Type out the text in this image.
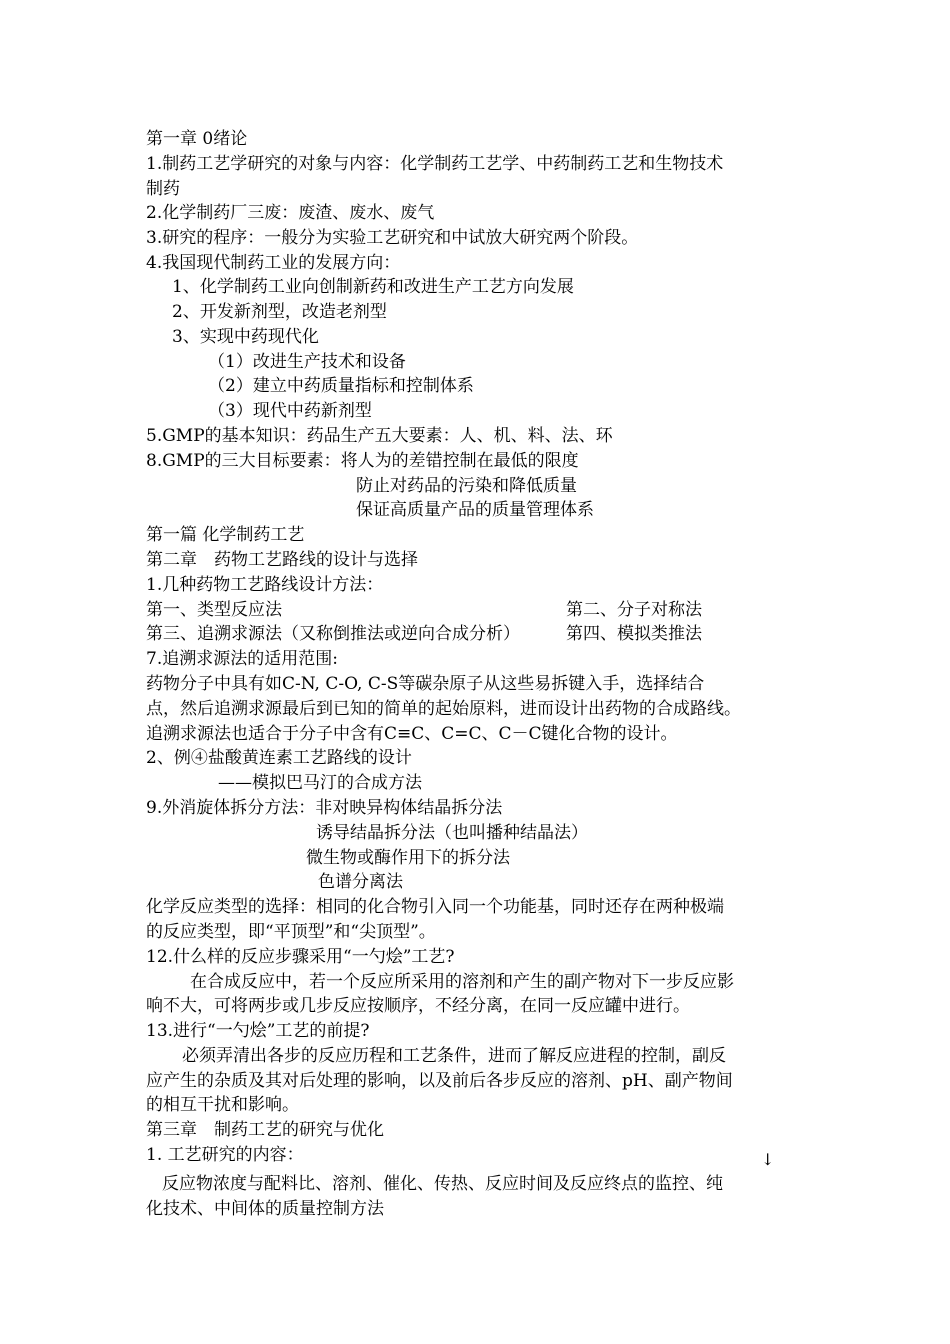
第一章 0绪论
1.制药工艺学研究的对象与内容：化学制药工艺学、中药制药工艺和生物技术
制药
2.化学制药厂三废：废渣、废水、废气
3.研究的程序：一般分为实验工艺研究和中试放大研究两个阶段。
4.我国现代制药工业的发展方向：
1、化学制药工业向创制新药和改进生产工艺方向发展
2、开发新剂型，改造老剂型
3、实现中药现代化
（1）改进生产技术和设备
（2）建立中药质量指标和控制体系
（3）现代中药新剂型
5.GMP的基本知识：药品生产五大要素：人、机、料、法、环
8.GMP的三大目标要素：将人为的差错控制在最低的限度
防止对药品的污染和降低质量
保证高质量产品的质量管理体系
第一篇 化学制药工艺
第二章　药物工艺路线的设计与选择
1.几种药物工艺路线设计方法：
第一、类型反应法	第二、分子对称法
第三、追溯求源法（又称倒推法或逆向合成分析）	第四、模拟类推法
7.追溯求源法的适用范围:
药物分子中具有如C-N, C-O, C-S等碳杂原子从这些易拆键入手，选择结合
点，然后追溯求源最后到已知的简单的起始原料，进而设计出药物的合成路线。
追溯求源法也适合于分子中含有C≡C、C=C、C－C键化合物的设计。
2、例④盐酸黄连素工艺路线的设计
——模拟巴马汀的合成方法
9.外消旋体拆分方法：非对映异构体结晶拆分法
诱导结晶拆分法（也叫播种结晶法）
微生物或酶作用下的拆分法
色谱分离法
化学反应类型的选择：相同的化合物引入同一个功能基，同时还存在两种极端
的反应类型，即“平顶型”和“尖顶型”。
12.什么样的反应步骤采用“一勺烩”工艺?
在合成反应中，若一个反应所采用的溶剂和产生的副产物对下一步反应影
响不大，可将两步或几步反应按顺序，不经分离，在同一反应罐中进行。
13.进行“一勺烩”工艺的前提?
必须弄清出各步的反应历程和工艺条件，进而了解反应进程的控制，副反
应产生的杂质及其对后处理的影响，以及前后各步反应的溶剂、pH、副产物间
的相互干扰和影响。
第三章　制药工艺的研究与优化
1. 工艺研究的内容：	↓
反应物浓度与配料比、溶剂、催化、传热、反应时间及反应终点的监控、纯
化技术、中间体的质量控制方法
